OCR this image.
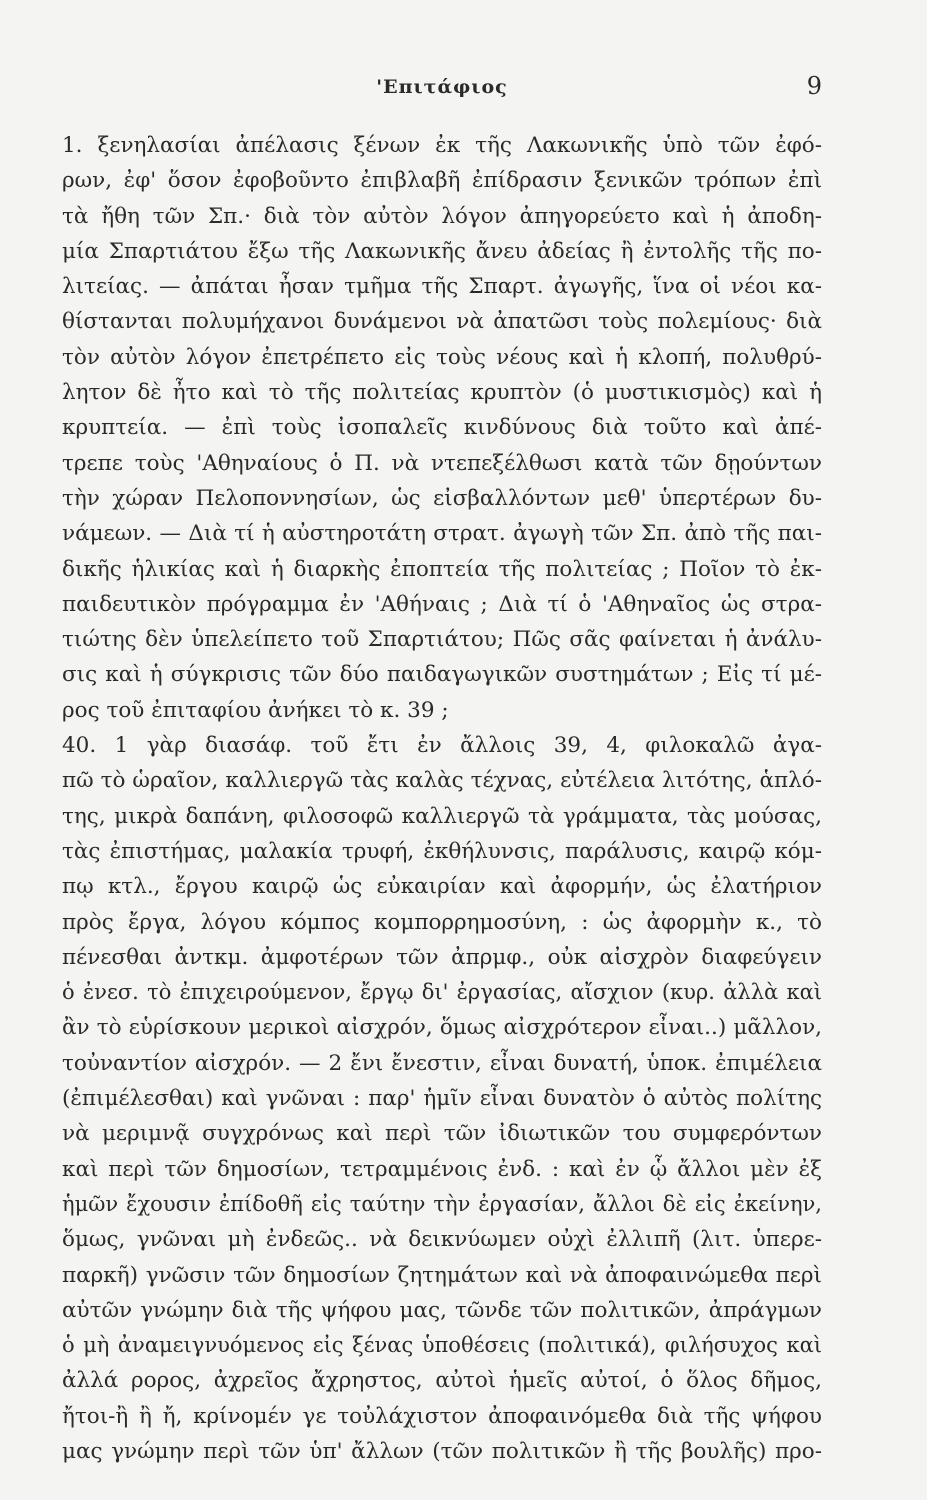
'Επιτάφιος	9
1. ξενηλασίαι ἀπέλασις ξένων ἐκ τῆς Λακωνικῆς ὑπὸ τῶν ἐφό-
ρων, ἐφ' ὅσον ἐφοβοῦντο ἐπιβλαβῆ ἐπίδρασιν ξενικῶν τρόπων ἐπὶ
τὰ ἤθη τῶν Σπ.· διὰ τὸν αὐτὸν λόγον ἀπηγορεύετο καὶ ἡ ἀποδη-
μία Σπαρτιάτου ἔξω τῆς Λακωνικῆς ἄνευ ἀδείας ἢ ἐντολῆς τῆς πο-
λιτείας. — ἀπάται ἦσαν τμῆμα τῆς Σπαρτ. ἀγωγῆς, ἵνα οἱ νέοι κα-
θίστανται πολυμήχανοι δυνάμενοι νὰ ἀπατῶσι τοὺς πολεμίους· διὰ
τὸν αὐτὸν λόγον ἐπετρέπετο εἰς τοὺς νέους καὶ ἡ κλοπή, πολυθρύ-
λητον δὲ ἦτο καὶ τὸ τῆς πολιτείας κρυπτὸν (ὁ μυστικισμὸς) καὶ ἡ
κρυπτεία. — ἐπὶ τοὺς ἰσοπαλεῖς κινδύνους διὰ τοῦτο καὶ ἀπέ-
τρεπε τοὺς 'Αθηναίους ὁ Π. νὰ ντεπεξέλθωσι κατὰ τῶν δῃούντων
τὴν χώραν Πελοποννησίων, ὡς εἰσβαλλόντων μεθ' ὑπερτέρων δυ-
νάμεων. — Διὰ τί ἡ αὐστηροτάτη στρατ. ἀγωγὴ τῶν Σπ. ἀπὸ τῆς παι-
δικῆς ἡλικίας καὶ ἡ διαρκὴς ἐποπτεία τῆς πολιτείας ; Ποῖον τὸ ἐκ-
παιδευτικὸν πρόγραμμα ἐν 'Αθήναις ; Διὰ τί ὁ 'Αθηναῖος ὡς στρα-
τιώτης δὲν ὑπελείπετο τοῦ Σπαρτιάτου; Πῶς σᾶς φαίνεται ἡ ἀνάλυ-
σις καὶ ἡ σύγκρισις τῶν δύο παιδαγωγικῶν συστημάτων ; Εἰς τί μέ-
ρος τοῦ ἐπιταφίου ἀνήκει τὸ κ. 39 ;
40. 1 γὰρ διασάφ. τοῦ ἔτι ἐν ἄλλοις 39, 4, φιλοκαλῶ ἀγα-
πῶ τὸ ὡραῖον, καλλιεργῶ τὰς καλὰς τέχνας, εὐτέλεια λιτότης, ἁπλό-
της, μικρὰ δαπάνη, φιλοσοφῶ καλλιεργῶ τὰ γράμματα, τὰς μούσας,
τὰς ἐπιστήμας, μαλακία τρυφή, ἐκθήλυνσις, παράλυσις, καιρῷ κόμ-
πῳ κτλ., ἔργου καιρῷ ὡς εὐκαιρίαν καὶ ἀφορμήν, ὡς ἐλατήριον
πρὸς ἔργα, λόγου κόμπος κομπορρημοσύνη, : ὡς ἀφορμὴν κ., τὸ
πένεσθαι ἀντκμ. ἀμφοτέρων τῶν ἀπρμφ., οὐκ αἰσχρὸν διαφεύγειν
ὁ ἐνεσ. τὸ ἐπιχειρούμενον, ἔργῳ δι' ἐργασίας, αἴσχιον (κυρ. ἀλλὰ καὶ
ἂν τὸ εὑρίσκουν μερικοὶ αἰσχρόν, ὅμως αἰσχρότερον εἶναι..) μᾶλλον,
τοὐναντίον αἰσχρόν. — 2 ἔνι ἔνεστιν, εἶναι δυνατή, ὑποκ. ἐπιμέλεια
(ἐπιμέλεσθαι) καὶ γνῶναι : παρ' ἡμῖν εἶναι δυνατὸν ὁ αὐτὸς πολίτης
νὰ μεριμνᾷ συγχρόνως καὶ περὶ τῶν ἰδιωτικῶν του συμφερόντων
καὶ περὶ τῶν δημοσίων, τετραμμένοις ἐνδ. : καὶ ἐν ᾧ ἄλλοι μὲν ἐξ
ἡμῶν ἔχουσιν ἐπίδοθῆ εἰς ταύτην τὴν ἐργασίαν, ἄλλοι δὲ εἰς ἐκείνην,
ὅμως, γνῶναι μὴ ἐνδεῶς.. νὰ δεικνύωμεν οὐχὶ ἐλλιπῆ (λιτ. ὑπερε-
παρκῆ) γνῶσιν τῶν δημοσίων ζητημάτων καὶ νὰ ἀποφαινώμεθα περὶ
αὐτῶν γνώμην διὰ τῆς ψήφου μας, τῶνδε τῶν πολιτικῶν, ἀπράγμων
ὁ μὴ ἀναμειγνυόμενος εἰς ξένας ὑποθέσεις (πολιτικά), φιλήσυχος καὶ
ἀλλά ρορος, ἀχρεῖος ἄχρηστος, αὐτοὶ ἡμεῖς αὐτοί, ὁ ὅλος δῆμος,
ἤτοι-ἢ ἢ ἤ, κρίνομέν γε τοὐλάχιστον ἀποφαινόμεθα διὰ τῆς ψήφου
μας γνώμην περὶ τῶν ὑπ' ἄλλων (τῶν πολιτικῶν ἢ τῆς βουλῆς) προ-
